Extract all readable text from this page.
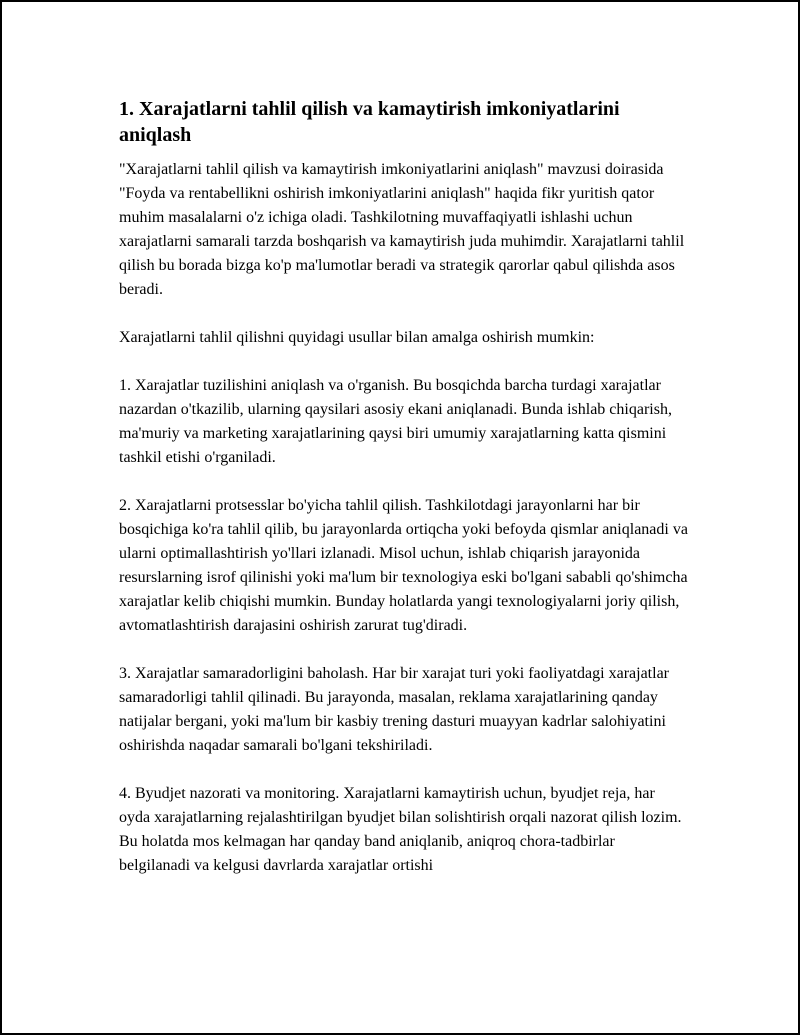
1. Xarajatlarni tahlil qilish va kamaytirish imkoniyatlarini aniqlash

"Xarajatlarni tahlil qilish va kamaytirish imkoniyatlarini aniqlash" mavzusi doirasida "Foyda va rentabellikni oshirish imkoniyatlarini aniqlash" haqida fikr yuritish qator muhim masalalarni o'z ichiga oladi. Tashkilotning muvaffaqiyatli ishlashi uchun xarajatlarni samarali tarzda boshqarish va kamaytirish juda muhimdir. Xarajatlarni tahlil qilish bu borada bizga ko'p ma'lumotlar beradi va strategik qarorlar qabul qilishda asos beradi.

Xarajatlarni tahlil qilishni quyidagi usullar bilan amalga oshirish mumkin:

1. Xarajatlar tuzilishini aniqlash va o'rganish. Bu bosqichda barcha turdagi xarajatlar nazardan o'tkazilib, ularning qaysilari asosiy ekani aniqlanadi. Bunda ishlab chiqarish, ma'muriy va marketing xarajatlarining qaysi biri umumiy xarajatlarning katta qismini tashkil etishi o'rganiladi.

2. Xarajatlarni protsesslar bo'yicha tahlil qilish. Tashkilotdagi jarayonlarni har bir bosqichiga ko'ra tahlil qilib, bu jarayonlarda ortiqcha yoki befoyda qismlar aniqlanadi va ularni optimallashtirish yo'llari izlanadi. Misol uchun, ishlab chiqarish jarayonida resurslarning isrof qilinishi yoki ma'lum bir texnologiya eski bo'lgani sababli qo'shimcha xarajatlar kelib chiqishi mumkin. Bunday holatlarda yangi texnologiyalarni joriy qilish, avtomatlashtirish darajasini oshirish zarurat tug'diradi.

3. Xarajatlar samaradorligini baholash. Har bir xarajat turi yoki faoliyatdagi xarajatlar samaradorligi tahlil qilinadi. Bu jarayonda, masalan, reklama xarajatlarining qanday natijalar bergani, yoki ma'lum bir kasbiy trening dasturi muayyan kadrlar salohiyatini oshirishda naqadar samarali bo'lgani tekshiriladi.

4. Byudjet nazorati va monitoring. Xarajatlarni kamaytirish uchun, byudjet reja, har oyda xarajatlarning rejalashtirilgan byudjet bilan solishtirish orqali nazorat qilish lozim. Bu holatda mos kelmagan har qanday band aniqlanib, aniqroq chora-tadbirlar belgilanadi va kelgusi davrlarda xarajatlar ortishi
